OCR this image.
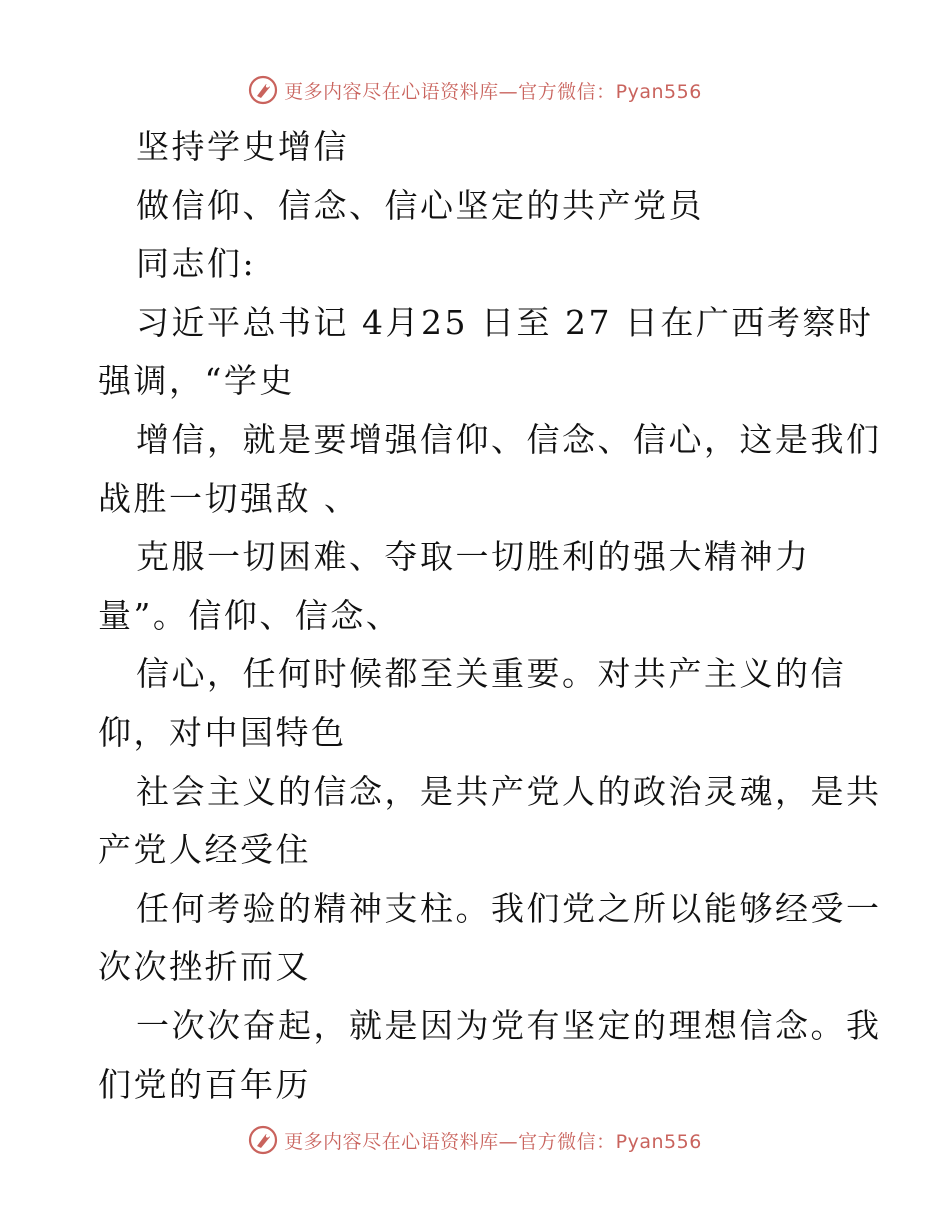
更多内容尽在心语资料库—官方微信：Pyan556
坚持学史增信
做信仰、信念、信心坚定的共产党员
同志们:
习近平总书记 4月25 日至 27 日在广西考察时
强调，“学史
增信，就是要增强信仰、信念、信心，这是我们
战胜一切强敌 、
克服一切困难、夺取一切胜利的强大精神力
量”。信仰、信念、
信心，任何时候都至关重要。对共产主义的信
仰，对中国特色
社会主义的信念，是共产党人的政治灵魂，是共
产党人经受住
任何考验的精神支柱。我们党之所以能够经受一
次次挫折而又
一次次奋起，就是因为党有坚定的理想信念。我
们党的百年历
更多内容尽在心语资料库—官方微信：Pyan556
